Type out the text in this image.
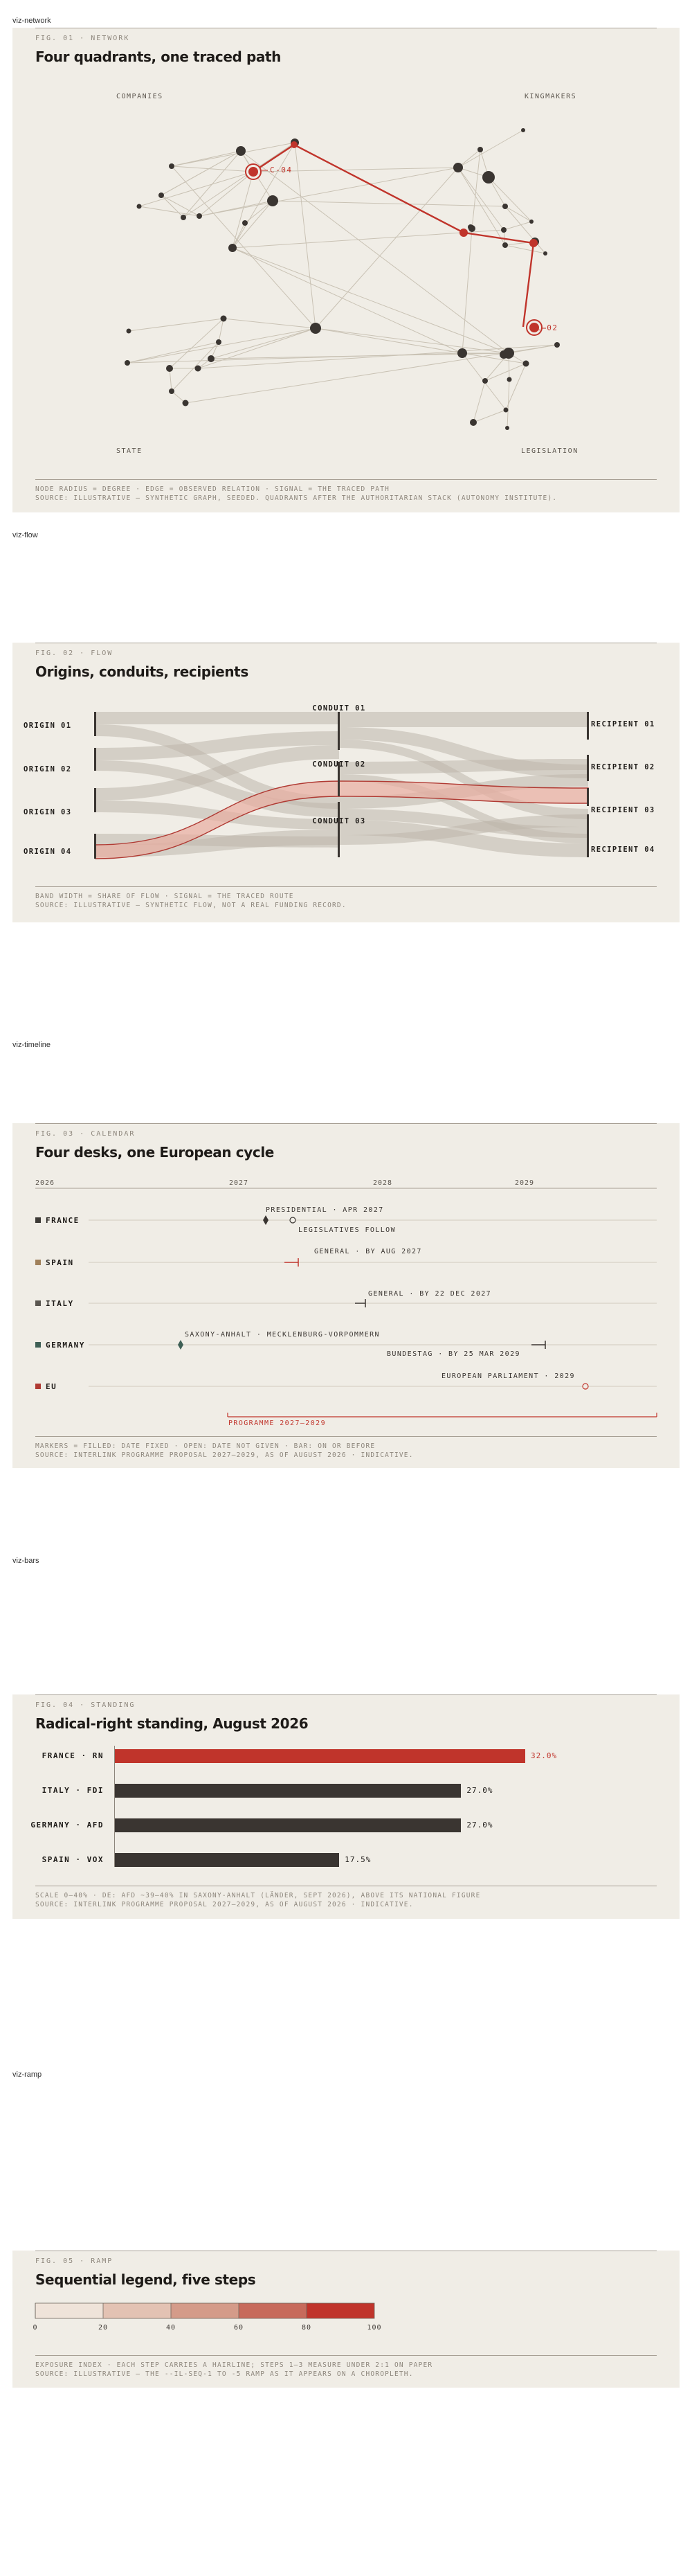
viz-network
FIG. 01 · NETWORK
Four quadrants, one traced path
COMPANIES	KINGMAKERS
STATE	LEGISLATION
C-04
L-02
NODE RADIUS = DEGREE · EDGE = OBSERVED RELATION · SIGNAL = THE TRACED PATH
SOURCE: ILLUSTRATIVE — SYNTHETIC GRAPH, SEEDED. QUADRANTS AFTER THE AUTHORITARIAN STACK (AUTONOMY INSTITUTE).
viz-flow
FIG. 02 · FLOW
Origins, conduits, recipients
ORIGIN 01
ORIGIN 02
ORIGIN 03
ORIGIN 04
CONDUIT 01
CONDUIT 02
CONDUIT 03
RECIPIENT 01
RECIPIENT 02
RECIPIENT 03
RECIPIENT 04
BAND WIDTH = SHARE OF FLOW · SIGNAL = THE TRACED ROUTE
SOURCE: ILLUSTRATIVE — SYNTHETIC FLOW, NOT A REAL FUNDING RECORD.
viz-timeline
FIG. 03 · CALENDAR
Four desks, one European cycle
2026	2027	2028	2029
FRANCE
SPAIN
ITALY
GERMANY
EU
PRESIDENTIAL · APR 2027
LEGISLATIVES FOLLOW
GENERAL · BY AUG 2027
GENERAL · BY 22 DEC 2027
SAXONY-ANHALT · MECKLENBURG-VORPOMMERN
BUNDESTAG · BY 25 MAR 2029
EUROPEAN PARLIAMENT · 2029
PROGRAMME 2027–2029
MARKERS = FILLED: DATE FIXED · OPEN: DATE NOT GIVEN · BAR: ON OR BEFORE
SOURCE: INTERLINK PROGRAMME PROPOSAL 2027–2029, AS OF AUGUST 2026 · INDICATIVE.
viz-bars
FIG. 04 · STANDING
Radical-right standing, August 2026
FRANCE · RN	32.0%
ITALY · FDI	27.0%
GERMANY · AFD	27.0%
SPAIN · VOX	17.5%
SCALE 0–40% · DE: AFD ~39–40% IN SAXONY-ANHALT (LÄNDER, SEPT 2026), ABOVE ITS NATIONAL FIGURE
SOURCE: INTERLINK PROGRAMME PROPOSAL 2027–2029, AS OF AUGUST 2026 · INDICATIVE.
viz-ramp
FIG. 05 · RAMP
Sequential legend, five steps
0	20	40	60	80	100
EXPOSURE INDEX · EACH STEP CARRIES A HAIRLINE; STEPS 1–3 MEASURE UNDER 2:1 ON PAPER
SOURCE: ILLUSTRATIVE — THE --IL-SEQ-1 TO -5 RAMP AS IT APPEARS ON A CHOROPLETH.
